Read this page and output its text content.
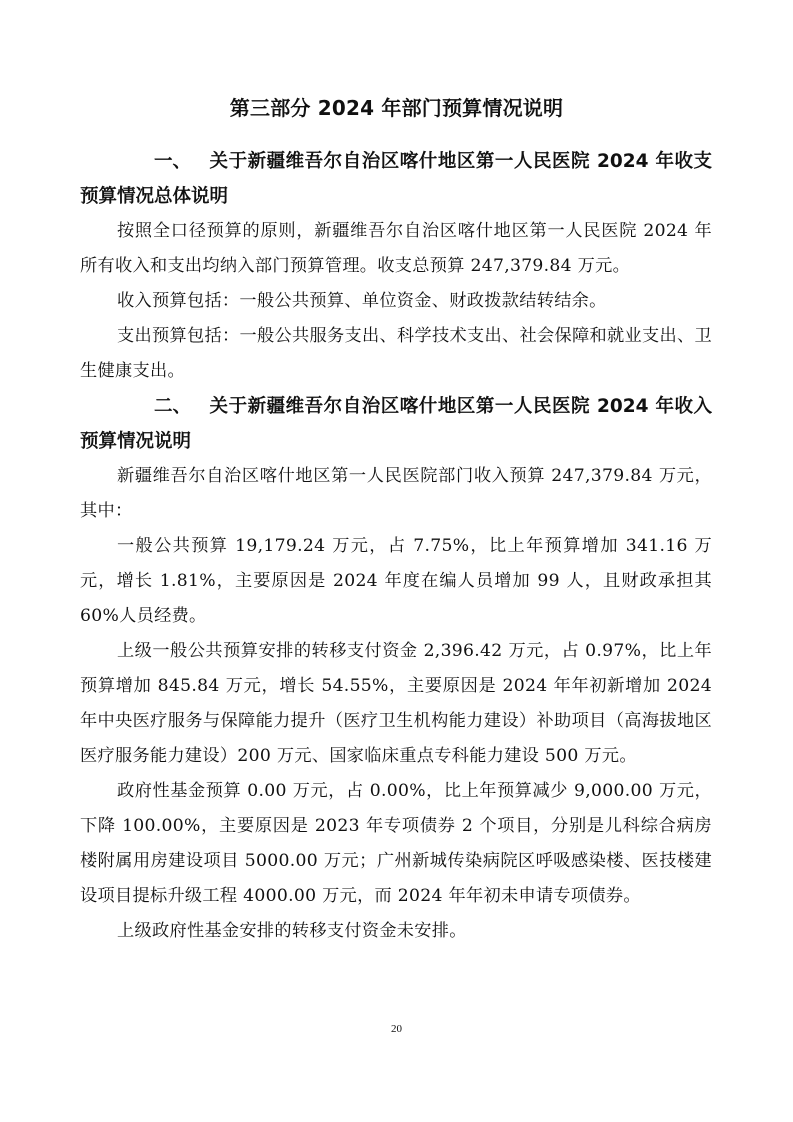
第三部分 2024 年部门预算情况说明
一、 关于新疆维吾尔自治区喀什地区第一人民医院 2024 年收支预算情况总体说明

按照全口径预算的原则，新疆维吾尔自治区喀什地区第一人民医院 2024 年所有收入和支出均纳入部门预算管理。收支总预算 247,379.84 万元。

收入预算包括：一般公共预算、单位资金、财政拨款结转结余。

支出预算包括：一般公共服务支出、科学技术支出、社会保障和就业支出、卫生健康支出。

二、 关于新疆维吾尔自治区喀什地区第一人民医院 2024 年收入预算情况说明

新疆维吾尔自治区喀什地区第一人民医院部门收入预算 247,379.84 万元，其中：

一般公共预算 19,179.24 万元，占 7.75%，比上年预算增加 341.16 万元，增长 1.81%，主要原因是 2024 年度在编人员增加 99 人，且财政承担其 60%人员经费。

上级一般公共预算安排的转移支付资金 2,396.42 万元，占 0.97%，比上年预算增加 845.84 万元，增长 54.55%，主要原因是 2024 年年初新增加 2024 年中央医疗服务与保障能力提升（医疗卫生机构能力建设）补助项目（高海拔地区医疗服务能力建设）200 万元、国家临床重点专科能力建设 500 万元。

政府性基金预算 0.00 万元，占 0.00%，比上年预算减少 9,000.00 万元，下降 100.00%，主要原因是 2023 年专项债券 2 个项目，分别是儿科综合病房楼附属用房建设项目 5000.00 万元；广州新城传染病院区呼吸感染楼、医技楼建设项目提标升级工程 4000.00 万元，而 2024 年年初未申请专项债券。

上级政府性基金安排的转移支付资金未安排。

20
